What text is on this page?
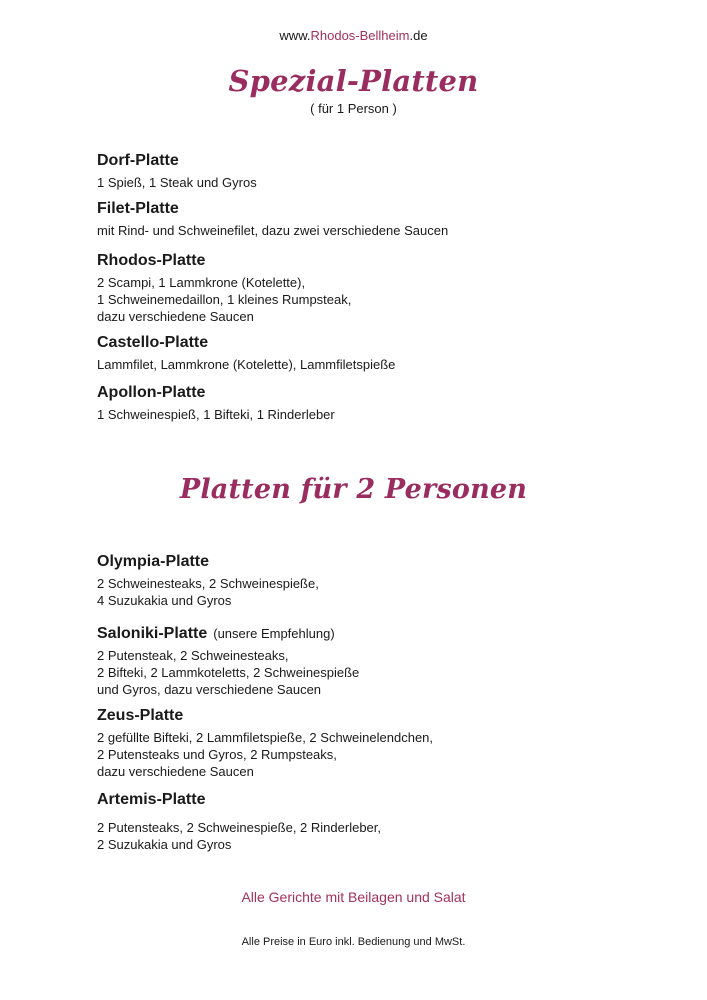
www.Rhodos-Bellheim.de
Spezial-Platten
( für 1 Person )
Dorf-Platte
1 Spieß, 1 Steak und Gyros
Filet-Platte
mit Rind- und Schweinefilet, dazu zwei verschiedene Saucen
Rhodos-Platte
2 Scampi, 1 Lammkrone (Kotelette),
1 Schweinemedaillon, 1 kleines Rumpsteak,
dazu verschiedene Saucen
Castello-Platte
Lammfilet, Lammkrone (Kotelette), Lammfiletspieße
Apollon-Platte
1 Schweinespieß, 1 Bifteki, 1 Rinderleber
Platten für 2 Personen
Olympia-Platte
2 Schweinesteaks, 2 Schweinespieße,
4 Suzukakia und Gyros
Saloniki-Platte (unsere Empfehlung)
2 Putensteak, 2 Schweinesteaks,
2 Bifteki, 2 Lammkoteletts, 2 Schweinespieße
und Gyros, dazu verschiedene Saucen
Zeus-Platte
2 gefüllte Bifteki, 2 Lammfiletspieße, 2 Schweinelendchen,
2 Putensteaks und Gyros, 2 Rumpsteaks,
dazu verschiedene Saucen
Artemis-Platte
2 Putensteaks, 2 Schweinespieße, 2 Rinderleber,
2 Suzukakia und Gyros
Alle Gerichte mit Beilagen und Salat
Alle Preise in Euro inkl. Bedienung und MwSt.
